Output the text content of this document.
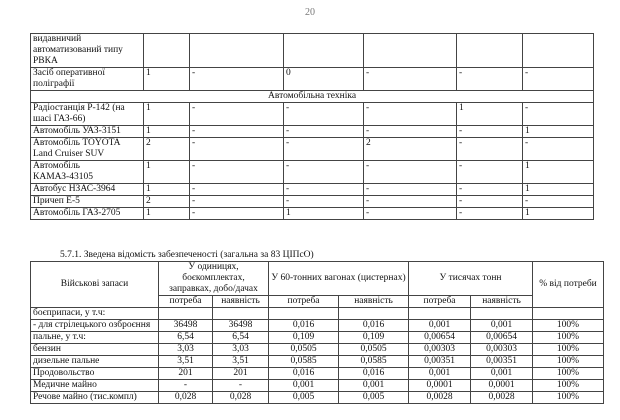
20
видавничий автоматизований типу РВКА						
Засіб оперативної поліграфії	1	-	0	-	-	-
Автомобільна техніка						
Радіостанція Р-142 (на шасі ГАЗ-66)	1	-	-	-	1	-
Автомобіль УАЗ-3151	1	-	-	-	-	1
Автомобіль TOYOTA Land Cruiser SUV	2	-	-	2	-	-
Автомобіль КАМАЗ-43105	1	-	-	-	-	1
Автобус НЗАС-3964	1	-	-	-	-	1
Причеп Е-5	2	-	-	-	-	-
Автомобіль ГАЗ-2705	1	-	1	-	-	1
5.7.1. Зведена відомість забезпеченості (загальна за 83 ЦІПсО)
Військові запаси	У одиницях, боєкомплектах, заправках, добо/дачах		У 60-тонних вагонах (цистернах)		У тисячах тонн		% від потреби
	потреба	наявність	потреба	наявність	потреба	наявність	
боєприпаси, у т.ч:							
- для стрілецького озброєння	36498	36498	0,016	0,016	0,001	0,001	100%
пальне, у т.ч:	6,54	6,54	0,109	0,109	0,00654	0,00654	100%
бензин	3,03	3,03	0,0505	0,0505	0,00303	0,00303	100%
дизельне пальне	3,51	3,51	0,0585	0,0585	0,00351	0,00351	100%
Продовольство	201	201	0,016	0,016	0,001	0,001	100%
Медичне майно	-	-	0,001	0,001	0,0001	0,0001	100%
Речове майно (тис.компл)	0,028	0,028	0,005	0,005	0,0028	0,0028	100%
